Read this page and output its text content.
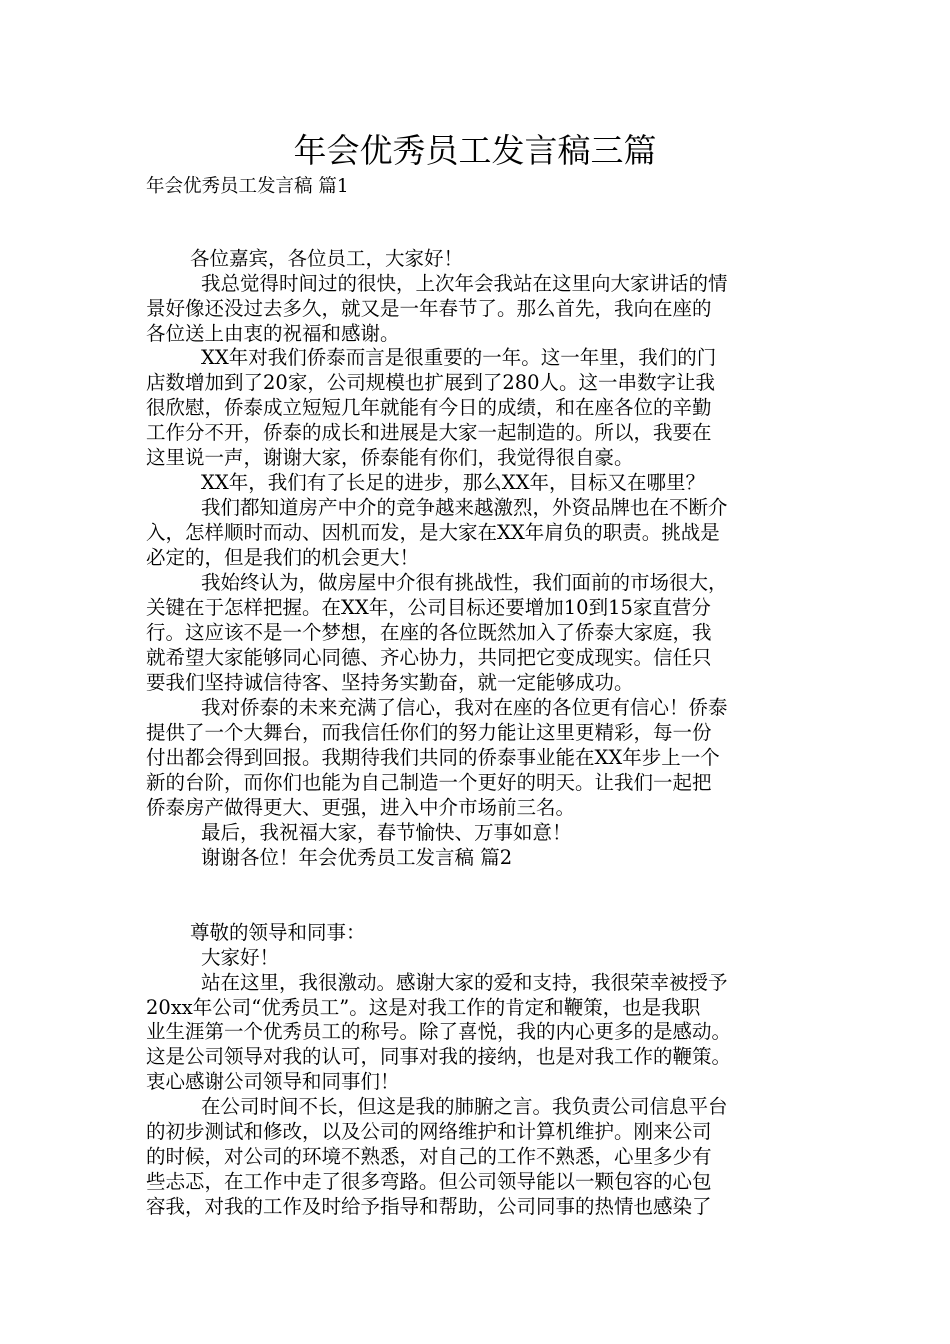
年会优秀员工发言稿三篇

年会优秀员工发言稿 篇1

各位嘉宾，各位员工，大家好！

我总觉得时间过的很快，上次年会我站在这里向大家讲话的情

景好像还没过去多久，就又是一年春节了。那么首先，我向在座的

各位送上由衷的祝福和感谢。

XX年对我们侨泰而言是很重要的一年。这一年里，我们的门

店数增加到了20家，公司规模也扩展到了280人。这一串数字让我

很欣慰，侨泰成立短短几年就能有今日的成绩，和在座各位的辛勤

工作分不开，侨泰的成长和进展是大家一起制造的。所以，我要在

这里说一声，谢谢大家，侨泰能有你们，我觉得很自豪。

XX年，我们有了长足的进步，那么XX年，目标又在哪里？

我们都知道房产中介的竞争越来越激烈，外资品牌也在不断介

入，怎样顺时而动、因机而发，是大家在XX年肩负的职责。挑战是

必定的，但是我们的机会更大！

我始终认为，做房屋中介很有挑战性，我们面前的市场很大，

关键在于怎样把握。在XX年，公司目标还要增加10到15家直营分

行。这应该不是一个梦想，在座的各位既然加入了侨泰大家庭，我

就希望大家能够同心同德、齐心协力，共同把它变成现实。信任只

要我们坚持诚信待客、坚持务实勤奋，就一定能够成功。

我对侨泰的未来充满了信心，我对在座的各位更有信心！侨泰

提供了一个大舞台，而我信任你们的努力能让这里更精彩，每一份

付出都会得到回报。我期待我们共同的侨泰事业能在XX年步上一个

新的台阶，而你们也能为自己制造一个更好的明天。让我们一起把

侨泰房产做得更大、更强，进入中介市场前三名。

最后，我祝福大家，春节愉快、万事如意！

谢谢各位！年会优秀员工发言稿 篇2

尊敬的领导和同事：

大家好！

站在这里，我很激动。感谢大家的爱和支持，我很荣幸被授予

20xx年公司“优秀员工”。这是对我工作的肯定和鞭策，也是我职

业生涯第一个优秀员工的称号。除了喜悦，我的内心更多的是感动。

这是公司领导对我的认可，同事对我的接纳，也是对我工作的鞭策。

衷心感谢公司领导和同事们！

在公司时间不长，但这是我的肺腑之言。我负责公司信息平台

的初步测试和修改，以及公司的网络维护和计算机维护。刚来公司

的时候，对公司的环境不熟悉，对自己的工作不熟悉，心里多少有

些忐忑，在工作中走了很多弯路。但公司领导能以一颗包容的心包

容我，对我的工作及时给予指导和帮助，公司同事的热情也感染了
